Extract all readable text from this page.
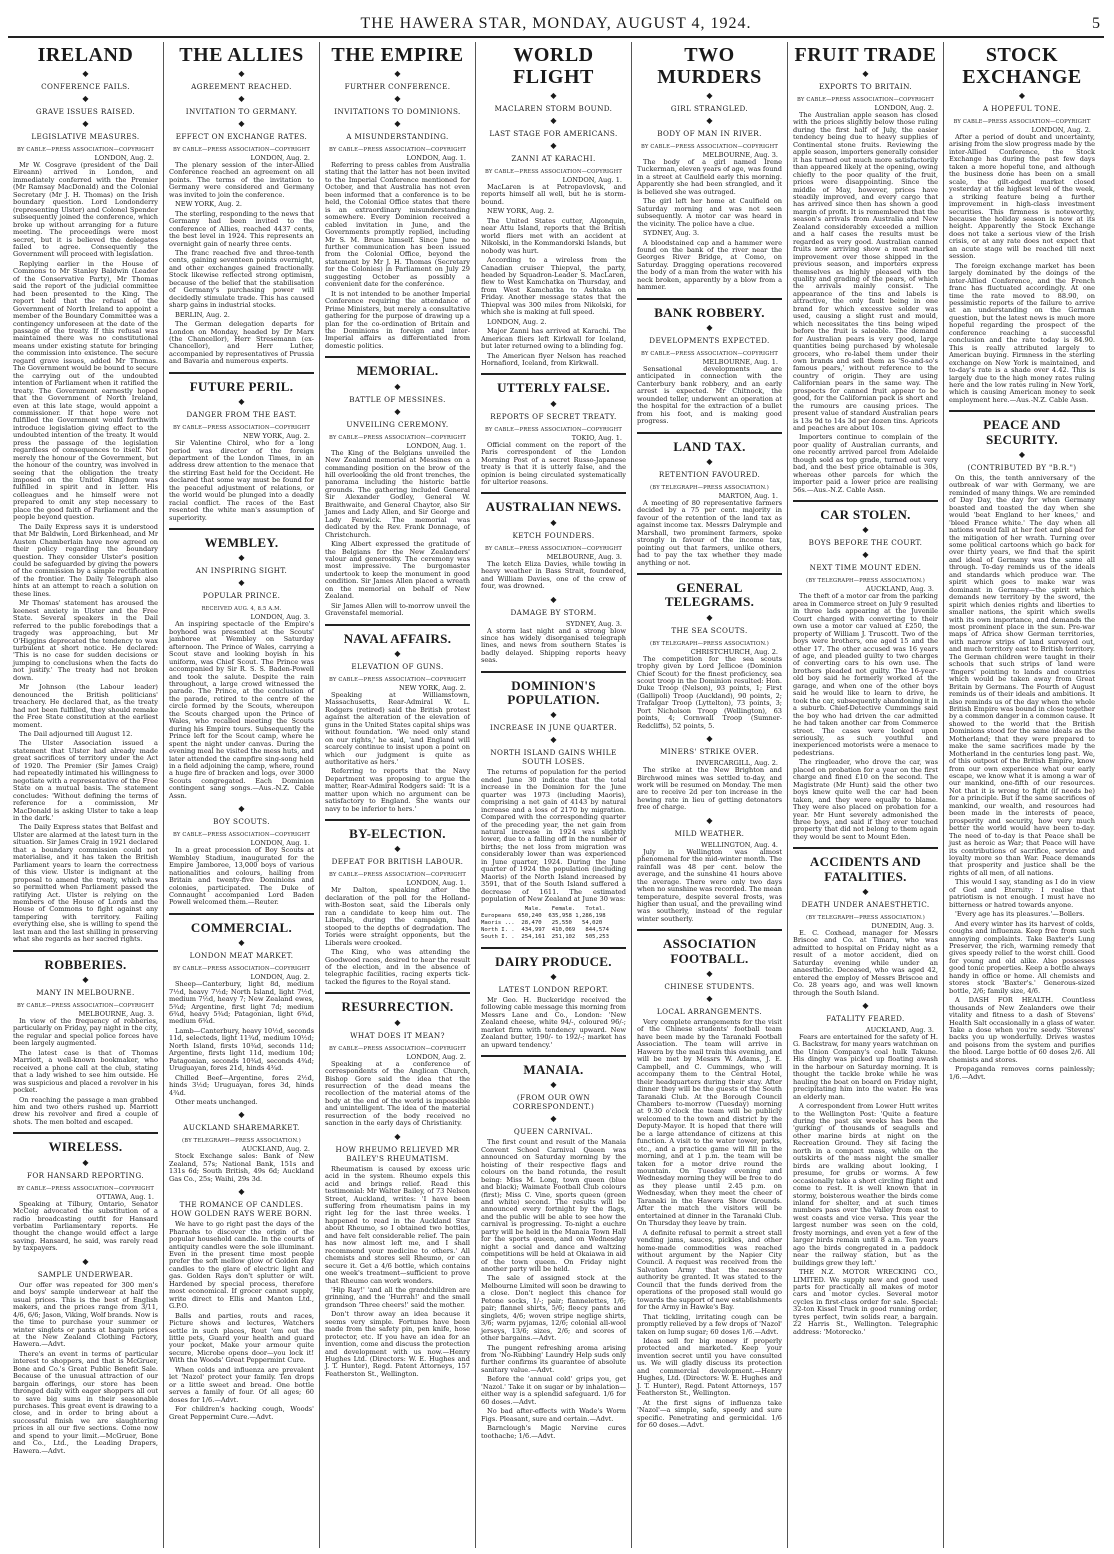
THE HAWERA STAR, MONDAY, AUGUST 4, 1924.	5
IRELAND
◆
CONFERENCE FAILS.
◆
GRAVE ISSUES RAISED.
◆
LEGISLATIVE MEASURES.
BY CABLE—PRESS ASSOCIATION—COPYRIGHT
LONDON, Aug. 2.

Mr W. Cosgrave (president of the Dail Eireann) arrived in London, and immediately conferred with the Premier (Mr Ramsay MacDonald) and the Colonial Secretary (Mr J. H. Thomas) on the Irish boundary question. Lord Londonderry (representing Ulster) and Colonel Spender subsequently joined the conference, which broke up without arranging for a future meeting. The proceedings were most secret, but it is believed the delegates failed to agree. Consequently the Government will proceed with legislation.

Replying earlier in the House of Commons to Mr Stanley Baldwin (Leader of the Conservative Party), Mr Thomas said the report of the judicial committee had been presented to the King. The report held that the refusal of the Government of North Ireland to appoint a member of the Boundary Committee was a contingency unforeseen at the date of the passage of the treaty. If this refusal was maintained there was no constitutional means under existing statute for bringing the commission into existence. The secure regard grave issues, added Mr Thomas. The Government would be bound to secure the carrying out of the undoubted intention of Parliament when it ratified the treaty. The Government earnestly hoped that the Government of North Ireland, even at this late stage, would appoint a commissioner. If that hope were not fulfilled the Government would forthwith introduce legislation giving effect to the undoubted intention of the treaty. It would press the passage of the legislation regardless of consequences to itself. Not merely the honour of the Government, but the honour of the country, was involved in seeing that the obligation the treaty imposed on the United Kingdom was fulfilled in spirit and in letter. His colleagues and he himself were not prepared to omit any step necessary to place the good faith of Parliament and the people beyond question.

The Daily Express says it is understood that Mr Baldwin, Lord Birkenhead, and Mr Austen Chamberlain have now agreed on their policy regarding the boundary question. They consider Ulster's position could be safeguarded by giving the powers of the commission by a simple rectification of the frontier. The Daily Telegraph also hints at an attempt to reach a solution on these lines.

Mr Thomas' statement has aroused the keenest anxiety in Ulster and the Free State. Several speakers in the Dail referred to the public forebodings that a tragedy was approaching, but Mr O'Higgins deprecated the tendency to wax turbulent at short notice. He declared: 'This is no case for sudden decisions or jumping to conclusions when the facts do not justify.' The treaty had not broken down.

Mr Johnson (the Labour leader) denounced the British politicians' treachery. He declared that, as the treaty had not been fulfilled, they should remake the Free State constitution at the earliest moment.

The Dail adjourned till August 12.

The Ulster Association issued a statement that Ulster had already made great sacrifices of territory under the Act of 1920. The Premier (Sir James Craig) had repeatedly intimated his willingness to negotiate with a representative of the Free State on a mutual basis. The statement concludes: 'Without defining the terms of reference for a commission, Mr MacDonald is asking Ulster to take a leap in the dark.'

The Daily Express states that Belfast and Ulster are alarmed at the latest turn in the situation. Sir James Craig in 1921 declared that a boundary commission could not materialise, and it has taken the British Parliament years to learn the correctness of this view. Ulster is indignant at the proposal to amend the treaty, which was so permitted when Parliament passed the ratifying Act. Ulster is relying on the members of the House of Lords and the House of Commons to fight against any tampering with territory. Failing everything else, she is willing to spend the last man and the last shilling in preserving what she regards as her sacred rights.

ROBBERIES.
◆
MANY IN MELBOURNE.
BY CABLE—PRESS ASSOCIATION—COPYRIGHT
MELBOURNE, Aug. 3.

In view of the frequency of robberies, particularly on Friday, pay night in the city, the regular and special police forces have been largely augmented.

The latest case is that of Thomas Marriott, a well-known bookmaker, who received a phone call at the club, stating that a lady wished to see him outside. He was suspicious and placed a revolver in his pocket.

On reaching the passage a man grabbed him and two others rushed up. Marriott drew his revolver and fired a couple of shots. The men bolted and escaped.

WIRELESS.
◆
FOR HANSARD REPORTING.
BY CABLE—PRESS ASSOCIATION—COPYRIGHT
OTTAWA, Aug. 1.

Speaking at Tilbury, Ontario, Senator McCoig advocated the substitution of a radio broadcasting outfit for Hansard verbatim Parliamentary reports. He thought the change would effect a large saving. Hansard, he said, was rarely read by taxpayers.

◆
SAMPLE UNDERWEAR.

Our offer was repeated for 300 men's and boys' sample underwear at half the usual prices. This is the best of English makers, and the prices range from 3/11, 4/6, 6/6; Jason, Viking, Wolf brands. Now is the time to purchase your summer or winter singlets or pants at bargain prices at the New Zealand Clothing Factory, Hawera.—Advt.

There's an event in terms of particular interest to shoppers, and that is McGruer, Bone and Co.'s Great Public Benefit Sale. Because of the unusual attraction of our bargain offerings, our store has been thronged daily with eager shoppers all out to save big sums in their seasonable purchases. This great event is drawing to a close, and in order to bring about a successful finish we are slaughtering prices in all our five sections. Come now and spend to your limit.—McGruer, Bone and Co., Ltd., the Leading Drapers, Hawera.—Advt.

THE ALLIES
◆
AGREEMENT REACHED.
◆
INVITATION TO GERMANY.
◆
EFFECT ON EXCHANGE RATES.
BY CABLE—PRESS ASSOCIATION—COPYRIGHT
LONDON, Aug. 2.

The plenary session of the inter-Allied Conference reached an agreement on all points. The terms of the invitation to Germany were considered and Germany was invited to join the conference.

NEW YORK, Aug. 2.

The sterling, responding to the news that Germany had been invited to the conference of Allies, reached 4437 cents, the best level in 1924. This represents an overnight gain of nearly three cents.

The franc reached five and three-tenth cents, gaining seventeen points overnight, and other exchanges gained fractionally. Stock likewise reflected strong optimism, because of the belief that the stabilisation of Germany's purchasing power will decidedly stimulate trade. This has caused sharp gains in industrial stocks.

BERLIN, Aug. 2.

The German delegation departs for London on Monday, headed by Dr Marx (the Chancellor), Herr Stresemann (ex-Chancellor), and Herr Luther, accompanied by representatives of Prussia and Bavaria and numerous experts.

FUTURE PERIL.
◆
DANGER FROM THE EAST.
BY CABLE—PRESS ASSOCIATION—COPYRIGHT
NEW YORK, Aug. 2.

Sir Valentine Chirol, who for a long period was director of the foreign department of the London Times, in an address drew attention to the menace that the stirring East held for the Occident. He declared that some way must be found for the peaceful adjustment of relations, or the world would be plunged into a deadly racial conflict. The races of the East resented the white man's assumption of superiority.

WEMBLEY.
◆
AN INSPIRING SIGHT.
◆
POPULAR PRINCE.
RECEIVED AUG. 4, 8.5 A.M.
LONDON, Aug. 3.

An inspiring spectacle of the Empire's boyhood was presented at the Scouts' jamboree at Wembley on Saturday afternoon. The Prince of Wales, carrying a Scout stave and looking boyish in his uniform, was Chief Scout. The Prince was accompanied by Sir R. S. S. Baden-Powell and took the salute. Despite the rain throughout, a large crowd witnessed the parade. The Prince, at the conclusion of the parade, retired to the centre of the circle formed by the Scouts, whereupon the Scouts charged upon the Prince of Wales, who recalled meeting the Scouts during his Empire tours. Subsequently the Prince left for the Scout camp, where he spent the night under canvas. During the evening meal he visited the mess huts, and later attended the campfire sing-song held in a field adjoining the camp, where, round a huge fire of bracken and logs, over 3000 Scouts congregated. Each Dominion contingent sang songs.—Aus.-N.Z. Cable Assn.

◆
BOY SCOUTS.
BY CABLE—PRESS ASSOCIATION—COPYRIGHT
LONDON, Aug. 1.

In a great procession of Boy Scouts at Wembley Stadium, inaugurated for the Empire Jamboree, 13,000 boys of various nationalities and colours, hailing from Britain and twenty-five Dominions and colonies, participated. The Duke of Connaught accompanied Lord Baden Powell welcomed them.—Reuter.

COMMERCIAL.
◆
LONDON MEAT MARKET.
BY CABLE—PRESS ASSOCIATION—COPYRIGHT
LONDON, Aug. 2.

Sheep—Canterbury, light 8d, medium 7½d, heavy 7½d; North Island, light 7½d, medium 7½d, heavy 7; New Zealand ewes, 5¾d; Argentine, first light 7d; medium 6¾d, heavy 5¾d; Patagonian, light 6¾d, medium 6¾d.

Lamb—Canterbury, heavy 10½d, seconds 11d, selecteds, light 11¾d, medium 10½d; North Island, firsts 10¾d, seconds 11d; Argentine, firsts light 11d, medium 10d; Patagonian, seconds 10¾d, seconds 4¾d; Uruguayan, fores 21d, hinds 4¾d.

Chilled Beef—Argentine, fores 2½d, hinds 3½d; Uruguayan, fores 3d, hinds 4¾d.

Other meats unchanged.

◆
AUCKLAND SHAREMARKET.
(BY TELEGRAPH—PRESS ASSOCIATION.)
AUCKLAND, Aug. 2.

Stock Exchange sales: Bank of New Zealand, 57s; National Bank, 151s and 131s 6d; South British, 49s 6d; Auckland Gas Co., 25s; Waihi, 29s 3d.

◆
THE ROMANCE OF CANDLES. HOW GOLDEN RAYS WERE BORN.

We have to go right past the days of the Pharaohs to discover the origin of the popular household candle. In the courts of antiquity candles were the sole illuminant. Even in the present time most people prefer the soft mellow glow of Golden Ray candles to the glare of electric light and gas. Golden Rays don't splutter or wilt. Hardened by special process, therefore most economical. If grocer cannot supply, write direct to Ellis and Manton Ltd., G.P.O.

Balls and parties, routs and races, Picture shows and lectures, Watchers settle in such places, Rout 'em out the little pets, Guard your health and guard your pocket, Make your armour quite secure, Microbe opens door—you lock it! With the Woods' Great Peppermint Cure.

When colds and influenza are prevalent let 'Nazol' protect your family. Ten drops or a little sweet and bread. One bottle serves a family of four. Of all ages; 60 doses for 1/6.—Advt.

For children's hacking cough, Woods' Great Peppermint Cure.—Advt.

THE EMPIRE
◆
FURTHER CONFERENCE.
◆
INVITATIONS TO DOMINIONS.
◆
A MISUNDERSTANDING.
BY CABLE—PRESS ASSOCIATION—COPYRIGHT
LONDON, Aug. 1.

Referring to press cables from Australia stating that the latter has not been invited to the Imperial Conference mentioned for October, and that Australia has not even been informed that a conference is to be held, the Colonial Office states that there is an extraordinary misunderstanding somewhere. Every Dominion received a cabled invitation in June, and the Governments promptly replied, including Mr S. M. Bruce himself. Since June no further communication has been issued from the Colonial Office, beyond the statement by Mr J. H. Thomas (Secretary for the Colonies) in Parliament on July 29 suggesting October as possibly a convenient date for the conference.

It is not intended to be another Imperial Conference requiring the attendance of Prime Ministers, but merely a consultative gathering for the purpose of drawing up a plan for the co-ordination of Britain and the Dominions in foreign and inter-Imperial affairs as differentiated from domestic politics.

MEMORIAL.
◆
BATTLE OF MESSINES.
◆
UNVEILING CEREMONY.
BY CABLE—PRESS ASSOCIATION—COPYRIGHT
LONDON, Aug. 1.

The King of the Belgians unveiled the New Zealand memorial at Messines on a commanding position on the brow of the hill overlooking the old front trenches, the panorama including the historic battle grounds. The gathering included General Sir Alexander Godley, General W. Braithwaite, and General Chaytor, also Sir James and Lady Allen, and Sir George and Lady Fenwick. The memorial was dedicated by the Rev. Frank Donnage, of Christchurch.

King Albert expressed the gratitude of the Belgians for the New Zealanders' valour and generosity. The ceremony was most impressive. The burgomaster undertook to keep the monument in good condition. Sir James Allen placed a wreath on the memorial on behalf of New Zealand.

Sir James Allen will to-morrow unveil the Gravenstafel memorial.

NAVAL AFFAIRS.
◆
ELEVATION OF GUNS.
BY CABLE—PRESS ASSOCIATION—COPYRIGHT
NEW YORK, Aug. 2.

Speaking at Williamstown, Massachusetts, Rear-Admiral W. L. Rodgers (retired) said the British protest against the alteration of the elevation of guns in the United States capital ships was without foundation. 'We need only stand on our rights,' he said, 'and England will scarcely continue to insist upon a point on which our judgment is quite as authoritative as hers.'

Referring to reports that the Navy Department was proposing to argue the matter, Rear-Admiral Rodgers said: 'It is a matter upon which no argument can be satisfactory to England. She wants our navy to be inferior to hers.'

BY-ELECTION.
◆
DEFEAT FOR BRITISH LABOUR.
BY CABLE—PRESS ASSOCIATION—COPYRIGHT
LONDON, Aug. 1.

Mr Dalton, speaking after the declaration of the poll for the Holland-with-Boston seat, said the Liberals only ran a candidate to keep him out. The Liberals, during the campaign, had stooped to the depths of degradation. The Tories were straight opponents, but the Liberals were crooked.

The King, who was attending the Goodwood races, desired to hear the result of the election, and in the absence of telegraphic facilities, racing experts tick-tacked the figures to the Royal stand.

RESURRECTION.
◆
WHAT DOES IT MEAN?
BY CABLE—PRESS ASSOCIATION—COPYRIGHT
LONDON, Aug. 2.

Speaking at a conference of correspondents of the Anglican Church, Bishop Gore said the idea that the resurrection of the dead means the recollection of the material atoms of the body at the end of the world is impossible and unintelligent. The idea of the material resurrection of the body received no sanction in the early days of Christianity.

◆
HOW RHEUMO RELIEVED MR BAILEY'S RHEUMATISM.

Rheumatism is caused by excess uric acid in the system. Rheumo expels this acid and brings relief. Read this testimonial: Mr Walter Bailey, of 73 Nelson Street, Auckland, writes: 'I have been suffering from rheumatism pains in my right leg for the last three weeks. I happened to read in the Auckland Star about Rheumo, so I obtained two bottles, and have felt considerable relief. The pain has now almost left me, and I shall recommend your medicine to others.' All chemists and stores sell Rheumo, or can secure it. Get a 4/6 bottle, which contains one week's treatment—sufficient to prove that Rheumo can work wonders.

'Hip Ray!' 'and all the grandchildren are grinning, and the 'Hurrah!' and the small grandson 'Three cheers!' said the mother.

Don't throw away an idea because it seems very simple. Fortunes have been made from the safety pin, pen knife, hose protector, etc. If you have an idea for an invention, come and discuss the protection and development with us now.—Henry Hughes Ltd. (Directors: W. E. Hughes and J. T. Hunter), Regd. Patent Attorneys, 157 Featherston St., Wellington.

WORLD FLIGHT
◆
MACLAREN STORM BOUND.
◆
LAST STAGE FOR AMERICANS.
◆
ZANNI AT KARACHI.
BY CABLE—PRESS ASSOCIATION—COPYRIGHT
LONDON, Aug. 1.

MacLaren is at Petropavlovsk, and reports himself all well, but he is storm-bound.

NEW YORK, Aug. 2.

The United States cutter, Algonquin, near Attu Island, reports that the British world fliers met with an accident at Nikolski, in the Kommandorski Islands, but nobody was hurt.

According to a wireless from the Canadian cruiser Thiepval, the party, headed by Squadron-Leader S. MacLaren, flew to West Kamchatka on Thursday, and from West Kamchatka to Ashtaka on Friday. Another message states that the Thiepval was 300 miles from Nikolski, for which she is making at full speed.

LONDON, Aug. 2.

Major Zanni has arrived at Karachi. The American fliers left Kirkwall for Iceland, but later returned owing to a blinding fog.

The American flyer Nelson has reached Hornafiord, Iceland, from Kirkwall.

UTTERLY FALSE.
◆
REPORTS OF SECRET TREATY.
BY CABLE—PRESS ASSOCIATION—COPYRIGHT
TOKIO, Aug. 1.

Official comment on the report of the Paris correspondent of the London Morning Post of a secret Russo-Japanese treaty is that it is utterly false, and the opinion is being circulated systematically for ulterior reasons.

AUSTRALIAN NEWS.
◆
KETCH FOUNDERS.
BY CABLE—PRESS ASSOCIATION—COPYRIGHT
MELBOURNE, Aug. 3.

The ketch Eliza Davies, while towing in heavy weather in Bass Strait, foundered, and William Davies, one of the crew of four, was drowned.

◆
DAMAGE BY STORM.
SYDNEY, Aug. 3.

A storm last night and a strong blow since has widely disorganised telegraph lines, and news from southern States is badly delayed. Shipping reports heavy seas.

DOMINION'S POPULATION.
◆
INCREASE IN JUNE QUARTER.
◆
NORTH ISLAND GAINS WHILE SOUTH LOSES.

The returns of population for the period ended June 30 indicate that the total increase in the Dominion for the June quarter was 1973 (including Maoris), comprising a net gain of 4143 by natural increase and a loss of 2170 by migration. Compared with the corresponding quarter of the preceding year, the net gain from natural increase in 1924 was slightly lower, due to a falling off in the number of births; the net loss from migration was considerably lower than was experienced in June quarter, 1924. During the June quarter of 1924 the population (including Maoris) of the North Island increased by 3591, that of the South Island suffered a decrease of 1611. The estimated population of New Zealand at June 30 was:

Male.   Female.   Total.
Europeans  650,240  635,958 1,286,198
Maoris ...  28,470   25,550   54,020
North I. .  434,997  410,069   844,574
South I. .  254,161  251,102   505,253
DAIRY PRODUCE.
◆
LATEST LONDON REPORT.

Mr Geo. H. Buckeridge received the following cable message this morning from Messrs Lane and Co., London: 'New Zealand cheese, white 94/-, coloured 96/-; market firm with tendency upward. New Zealand butter, 190/- to 192/-; market has an upward tendency.'

MANAIA.
◆
(FROM OUR OWN CORRESPONDENT.)
◆
QUEEN CARNIVAL.

The first count and result of the Manaia Convent School Carnival Queen was announced on Saturday morning by the hoisting of their respective flags and colours on the band rotunda, the result being: Miss M. Long, town queen (blue and black); Waimate Football Club colours (first); Miss C. Vine, sports queen (green and white) second. The results will be announced every fortnight by the flags, and the public will be able to see how the carnival is progressing. To-night a euchre party will be held in the Manaia Town Hall for the sports queen, and on Wednesday night a social and dance and waltzing competitions will be held at Okaiawa in aid of the town queen. On Friday night another party will be held.

The sale of assigned stock at the Melbourne Limited will soon be drawing to a close. Don't neglect this chance for Petone socks, 1/-; pair; flannelettes, 1/6; pair; flannel shirts, 5/6; fleecy pants and singlets, 4/6; woven stripe neglige shirts, 3/6; warm pyjamas, 12/6; colonial all-wool jerseys, 13/6; sizes, 2/6; and scores of other bargains.—Advt.

The pungent refreshing aroma arising from 'No-Rubbing' Laundry Help suds only further confirms its guarantee of absolute sanitary value.—Advt.

Before the 'annual cold' grips you, get 'Nazol.' Take it on sugar or by inhalation—either way is a splendid safeguard. 1/6 for 60 doses.—Advt.

No bad after-effects with Wade's Worm Figs. Pleasant, sure and certain.—Advt.

Barnclough's Magic Nervine cures toothache; 1/6.—Advt.

TWO MURDERS
◆
GIRL STRANGLED.
◆
BODY OF MAN IN RIVER.
BY CABLE—PRESS ASSOCIATION—COPYRIGHT
MELBOURNE, Aug. 3.

The body of a girl named Irene Tuckerman, eleven years of age, was found in a street at Caulfield early this morning. Apparently she had been strangled, and it is believed she was outraged.

The girl left her home at Caulfield on Saturday morning and was not seen subsequently. A motor car was heard in the vicinity. The police have a clue.

SYDNEY, Aug. 3.

A bloodstained cap and a hammer were found on the bank of the river near the Georges River Bridge, at Como, on Saturday. Dragging operations recovered the body of a man from the water with his neck broken, apparently by a blow from a hammer.

BANK ROBBERY.
◆
DEVELOPMENTS EXPECTED.
BY CABLE—PRESS ASSOCIATION—COPYRIGHT
MELBOURNE, Aug. 1.

Sensational developments are anticipated in connection with the Canterbury bank robbery, and an early arrest is expected. Mr Chitnock, the wounded teller, underwent an operation at the hospital for the extraction of a bullet from his foot, and is making good progress.

LAND TAX.
◆
RETENTION FAVOURED.
(BY TELEGRAPH—PRESS ASSOCIATION.)
MARTON, Aug. 1.

A meeting of 80 representative farmers decided by a 75 per cent. majority in favour of the retention of the land tax as against income tax. Messrs Dalrymple and Marshall, two prominent farmers, spoke strongly in favour of the income tax, pointing out that farmers, unlike others, had to pay the tax whether they made anything or not.

GENERAL TELEGRAMS.
◆
THE SEA SCOUTS.
(BY TELEGRAPH—PRESS ASSOCIATION.)
CHRISTCHURCH, Aug. 2.

The competition for the sea scouts trophy given by Lord Jellicoe (Dominion Chief Scout) for the finest proficiency, sea scout troop in the Dominion resulted: Hon. Duke Troop (Nelson), 93 points, 1; First (Gallipoli) Troop (Auckland), 90 points, 2; Trafalgar Troop (Lyttelton), 73 points, 3; Port Nicholson Troop (Wellington), 63 points, 4; Cornwall Troop (Sumner-Redcliffs), 52 points, 5.

◆
MINERS' STRIKE OVER.
INVERCARGILL, Aug. 2.

The strike at the New Brighton and Birchwood mines was settled to-day, and work will be resumed on Monday. The men are to receive 2d per ton increase in the hewing rate in lieu of getting detonators free of charge.

◆
MILD WEATHER.
WELLINGTON, Aug. 4.

July in Wellington was almost phenomenal for the mid-winter month. The rainfall was 48 per cent. below the average, and the sunshine 41 hours above the average. There were only two days when no sunshine was recorded. The mean temperature, despite several frosts, was higher than usual, and the prevailing wind was southerly, instead of the regular winter southerly.

ASSOCIATION FOOTBALL.
◆
CHINESE STUDENTS.
◆
LOCAL ARRANGEMENTS.

Very complete arrangements for the visit of the Chinese students' football team have been made by the Taranaki Football Association. The team will arrive in Hawera by the mail train this evening, and will be met by Messrs W. Adams, J. E. Campbell, and C. Cummings, who will accompany them to the Central Hotel, their headquarters during their stay. After dinner they will be the guests of the South Taranaki Club. At the Borough Council Chambers to-morrow (Tuesday) morning at 9.30 o'clock the team will be publicly welcomed to the town and district by the Deputy-Mayor. It is hoped that there will be a large attendance of citizens at this function. A visit to the water tower, parks, etc., and a practice game will fill in the morning, and at 1 p.m. the team will be taken for a motor drive round the mountain. On Tuesday evening and Wednesday morning they will be free to do as they please until 2.45 p.m. on Wednesday, when they meet the cheer of Taranaki in the Hawera Show Grounds. After the match the visitors will be entertained at dinner in the Taranaki Club. On Thursday they leave by train.

A definite refusal to permit a street stall vending jams, sauces, pickles, and other home-made commodities was reached without argument by the Napier City Council. A request was received from the Salvation Army that the necessary authority be granted. It was stated to the Council that the funds derived from the operations of the proposed stall would go towards the support of new establishments for the Army in Hawke's Bay.

That tickling, irritating cough can be promptly relieved by a few drops of 'Nazol' taken on lump sugar; 60 doses 1/6.—Advt.

Ideas sell for big money if properly protected and marketed. Keep your invention secret until you have consulted us. We will gladly discuss its protection and commercial development.—Henry Hughes, Ltd. (Directors: W. E. Hughes and J. T. Hunter), Regd. Patent Attorneys, 157 Featherston St., Wellington.

At the first signs of influenza take 'Nazol'—a simple, safe, speedy and sure specific. Penetrating and germicidal. 1/6 for 60 doses.—Advt.

FRUIT TRADE
◆
EXPORTS TO BRITAIN.
BY CABLE—PRESS ASSOCIATION—COPYRIGHT
LONDON, Aug. 2.

The Australian apple season has closed with the prices slightly below those ruling during the first half of July, the easier tendency being due to heavy supplies of Continental stone fruits. Reviewing the apple season, importers generally consider it has turned out much more satisfactorily than appeared likely at the opening, owing chiefly to the poor quality of the fruit, prices were disappointing. Since the middle of May, however, prices have steadily improved, and every cargo that has arrived since then has shown a good margin of profit. It is remembered that the season's arrivals from Australia and New Zealand considerably exceeded a million and a half cases the results must be regarded as very good. Australian canned fruits now arriving show a most marked improvement over those shipped in the previous season, and importers express themselves as highly pleased with the quality and grading of the pears, of which the arrivals mainly consist. The appearance of the tins and labels is attractive, the only fault being in one brand for which excessive solder was used, causing a slight rust and mould, which necessitates the tins being wiped before the fruit is saleable. The demand for Australian pears is very good, large quantities being purchased by wholesale grocers, who re-label them under their own brands and sell them as 'So-and-so's famous pears,' without reference to the country of origin. They are using Californian pears in the same way. The prospects for canned fruit appear to be good, for the Californian pack is short and the rumours are causing prices. The present value of standard Australian pears is 13s 9d to 14s 3d per dozen tins. Apricots and peaches are about 10s.

Importers continue to complain of the poor quality of Australian currants, and one recently arrived parcel from Adelaide though sold as top grade, turned out very bad, and the best price obtainable is 30s, whereas other parcels for which the importer paid a lower price are realising 56s.—Aus.-N.Z. Cable Assn.

CAR STOLEN.
◆
BOYS BEFORE THE COURT.
◆
NEXT TIME MOUNT EDEN.
(BY TELEGRAPH—PRESS ASSOCIATION.)
AUCKLAND, Aug. 3.

The theft of a motor car from the parking area in Commerce street on July 9 resulted in three lads appearing at the Juvenile Court charged with converting to their own use a motor car valued at £250, the property of William J. Truscott. Two of the boys were brothers, one aged 15 and the other 17. The other accused was 16 years of age, and pleaded guilty to two charges of converting cars to his own use. The brothers pleaded not guilty. The 16-year-old boy said he formerly worked at the garage, and when one of the other boys said he would like to learn to drive, he took the car, subsequently abandoning it in a suburb. Chief-Detective Cummings said the boy who had driven the car admitted he had taken another car from Commerce street. The cases were looked upon seriously, as such youthful and inexperienced motorists were a menace to pedestrians.

The ringleader, who drove the car, was placed on probation for a year on the first charge and fined £10 on the second. The Magistrate (Mr Hunt) said the other two boys knew quite well the car had been taken, and they were equally to blame. They were also placed on probation for a year. Mr Hunt severely admonished the three boys, and said if they ever touched property that did not belong to them again they would be sent to Mount Eden.

ACCIDENTS AND FATALITIES.
◆
DEATH UNDER ANAESTHETIC.
(BY TELEGRAPH—PRESS ASSOCIATION.)
DUNEDIN, Aug. 3.

E. C. Coxhead, manager for Messrs Briscoe and Co. at Timaru, who was admitted to hospital on Friday night as a result of a motor accident, died on Saturday evening while under an anaesthetic. Deceased, who was aged 42, entered the employ of Messrs Briscoe and Co. 28 years ago, and was well known through the South Island.

◆
FATALITY FEARED.
AUCKLAND, Aug. 3.

Fears are entertained for the safety of H. G. Backstraw, for many years watchman on the Union Company's coal hulk Takune. His dinghy was picked up floating awash in the harbour on Saturday morning. It is thought the tackle broke while he was hauling the boat on board on Friday night, precipitating him into the water. He was an elderly man.

A correspondent from Lower Hutt writes to the Wellington Post: 'Quite a feature during the past six weeks has been the 'gurking' of thousands of seagulls and other marine birds at night on the Recreation Ground. They sit facing the north in a compact mass, while on the outskirts of the mass night the smaller birds are walking about looking, I presume, for grubs or worms. A few occasionally take a short circling flight and come to rest. It is well known that in stormy, boisterous weather the birds come inland for shelter, and at such times numbers pass over the Valley from east to west coasts and vice versa. This year the largest number was seen on the cold, frosty mornings, and even yet a few of the larger birds remain until 8 a.m. Ten years ago the birds congregated in a paddock near the railway station, but as the buildings grew they left.'

THE N.Z. MOTOR WRECKING CO., LIMITED. We supply new and good used parts for practically all makes of motor cars and motor cycles. Several motor cycles in first-class order for sale. Special: 32-ton Kissel Truck in good running order, tyres perfect, twin solids rear, a bargain. 22 Harris St., Wellington. Telegraphic address: 'Motorecko.'

STOCK EXCHANGE
◆
A HOPEFUL TONE.
BY CABLE—PRESS ASSOCIATION—COPYRIGHT
LONDON, Aug. 2.

After a period of doubt and uncertainty, arising from the slow progress made by the inter-Allied Conference, the Stock Exchange has during the past few days taken a more hopeful tone, and although the business done has been on a small scale, the gilt-edged market closed yesterday at the highest level of the week, a striking feature being a further improvement in high-class investment securities. This firmness is noteworthy, because the holiday season is now at its height. Apparently the Stock Exchange does not take a serious view of the Irish crisis, or at any rate does not expect that an acute stage will be reached till next session.

The foreign exchange market has been largely dominated by the doings of the inter-Allied Conference, and the French franc has fluctuated accordingly. At one time the rate moved to 88.90, on pessimistic reports of the failure to arrive at an understanding on the German question, but the latest news is much more hopeful regarding the prospect of the conference reaching a successful conclusion and the rate today is 84.90. This is really attributed largely to American buying. Firmness in the sterling exchange on New York is maintained, and to-day's rate is a shade over 4.42. This is largely due to the high money rates ruling here and the low rates ruling in New York, which is causing American money to seek employment here.—Aus.-N.Z. Cable Assn.

PEACE AND SECURITY.
◆
(CONTRIBUTED BY "B.R.")

On this, the tenth anniversary of the outbreak of war with Germany, we are reminded of many things. We are reminded of Day Day, the day for when Germany boasted and toasted the day when she would 'beat England to her knees,' and 'bleed France white.' The day when all nations would fall at her feet and plead for the mitigation of her wrath. Turning over some political cartoons which go back for over thirty years, we find that the spirit and ideal of Germany was the same all through. To-day reminds us of the ideals and standards which produce war. The spirit which goes to make war was dominant in Germany—the spirit which demands new territory by the sword, the spirit which denies rights and liberties to smaller nations, the spirit which swells with its own importance, and demands the most prominent place in the sun. Pre-war maps of Africa show German territories, with narrow strips of land surveyed out, and much territory east to British territory. The German children were taught in their schools that such strips of land were 'fingers' pointing to lands and countries which would be taken away from Great Britain by Germans. The Fourth of August reminds us of their ideals and ambitions. It also reminds us of the day when the whole British Empire was bound in close together by a common danger in a common cause. It showed to the world that the British Dominions stood for the same ideals as the Motherland; that they were prepared to make the same sacrifices made by the Motherland in the centuries long past. We, of this outpost of the British Empire, know from our own experience what our early escape, we know what it is among a war of our mankind, one-fifth of our resources. Not that it is wrong to fight (if needs be) for a principle. But if the same sacrifices of mankind, our wealth, and resources had been made in the interests of peace, prosperity and security, how very much better the world would have been to-day. The need of to-day is that Peace shall be just as heroic as War; that Peace will have its contributions of sacrifice, service and loyalty more so than War. Peace demands that prosperity and justice shall be the rights of all men, of all nations.

This would I say, standing as I do in view of God and Eternity: I realise that patriotism is not enough. I must have no bitterness or hatred towards anyone.

'Every age has its pleasures.'—Bollers.

And every winter has its harvest of colds, coughs and influenza. Keep free from such annoying complaints. Take Baxter's Lung Preserver, the rich, warming remedy that gives speedy relief to the worst chill. Good for young and old alike. Also possesses good tonic properties. Keep a bottle always handy in office or home. All chemists and stores stock 'Baxter's.' Generous-sized bottle, 2/6; family size, 4/6.

A DASH FOR HEALTH. Countless thousands of New Zealanders owe their vitality and fitness to a dash of Stevens' Health Salt occasionally in a glass of water. Take a dose when you're seedy. 'Stevens' backs you up wonderfully. Drives wastes and poisons from the system and purifies the blood. Large bottle of 60 doses 2/6. All chemists and stores.

Propaganda removes corns painlessly; 1/6.—Advt.
